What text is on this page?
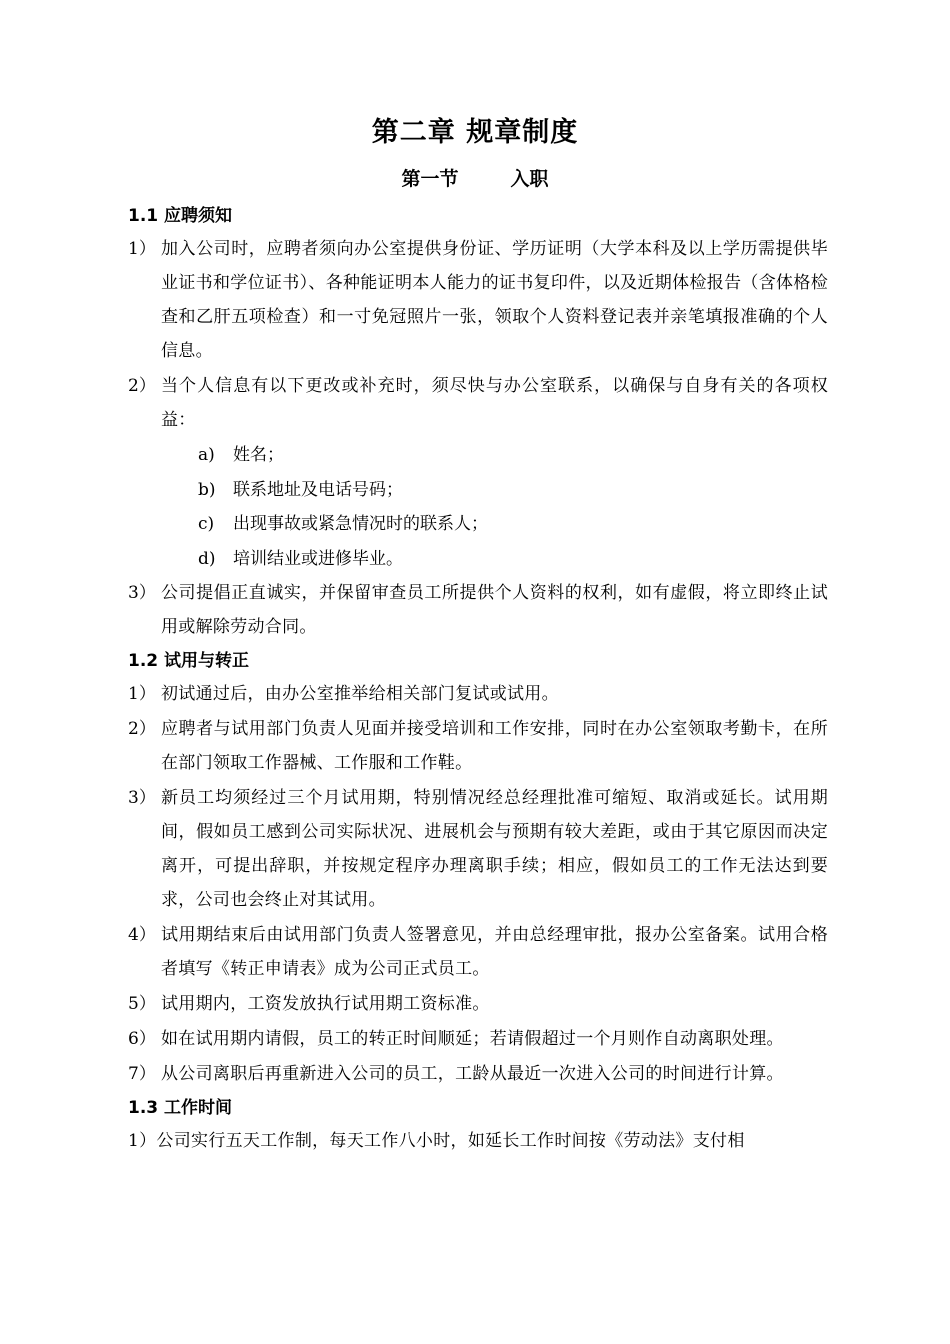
第二章 规章制度
第一节	入职
1.1 应聘须知
1） 加入公司时，应聘者须向办公室提供身份证、学历证明（大学本科及以上学历需提供毕业证书和学位证书）、各种能证明本人能力的证书复印件，以及近期体检报告（含体格检查和乙肝五项检查）和一寸免冠照片一张，领取个人资料登记表并亲笔填报准确的个人信息。
2） 当个人信息有以下更改或补充时，须尽快与办公室联系，以确保与自身有关的各项权益：
a)	姓名；
b)	联系地址及电话号码；
c)	出现事故或紧急情况时的联系人；
d)	培训结业或进修毕业。
3） 公司提倡正直诚实，并保留审查员工所提供个人资料的权利，如有虚假，将立即终止试用或解除劳动合同。
1.2 试用与转正
1） 初试通过后，由办公室推举给相关部门复试或试用。
2） 应聘者与试用部门负责人见面并接受培训和工作安排，同时在办公室领取考勤卡，在所在部门领取工作器械、工作服和工作鞋。
3） 新员工均须经过三个月试用期，特别情况经总经理批准可缩短、取消或延长。试用期间，假如员工感到公司实际状况、进展机会与预期有较大差距，或由于其它原因而决定离开，可提出辞职，并按规定程序办理离职手续；相应，假如员工的工作无法达到要求，公司也会终止对其试用。
4） 试用期结束后由试用部门负责人签署意见，并由总经理审批，报办公室备案。试用合格者填写《转正申请表》成为公司正式员工。
5） 试用期内，工资发放执行试用期工资标准。
6） 如在试用期内请假，员工的转正时间顺延；若请假超过一个月则作自动离职处理。
7） 从公司离职后再重新进入公司的员工，工龄从最近一次进入公司的时间进行计算。
1.3 工作时间
1）公司实行五天工作制，每天工作八小时，如延长工作时间按《劳动法》支付相
